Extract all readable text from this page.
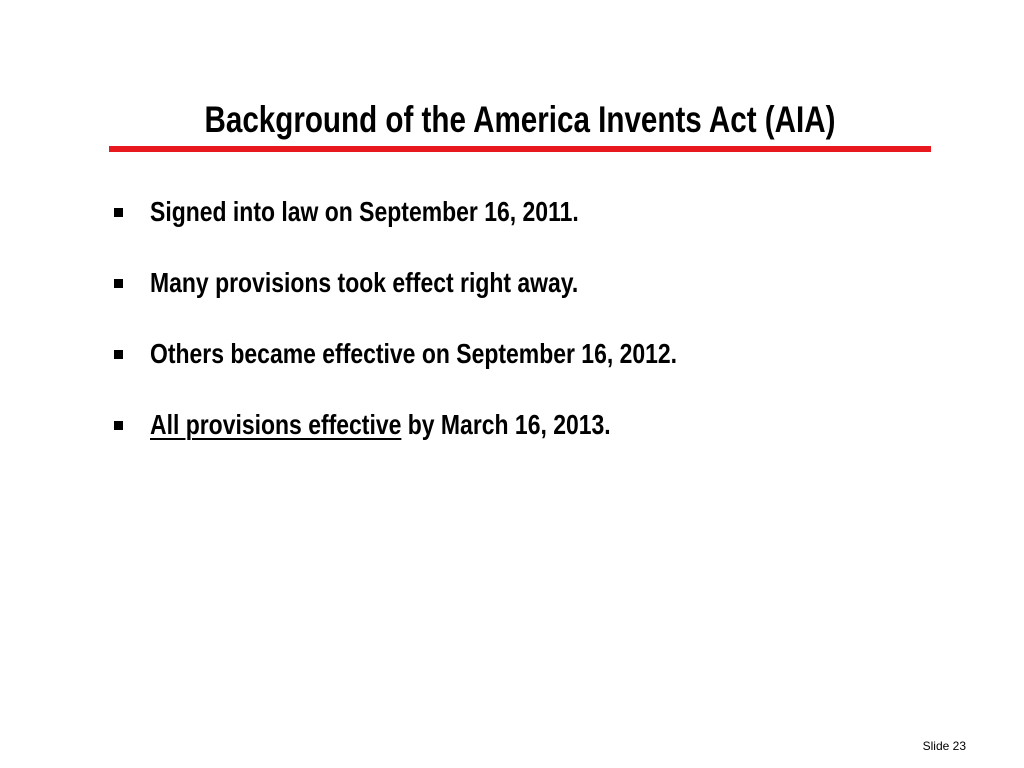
Background of the America Invents Act (AIA)
Signed into law on September 16, 2011.
Many provisions took effect right away.
Others became effective on September 16, 2012.
All provisions effective by March 16, 2013.
Slide 23
